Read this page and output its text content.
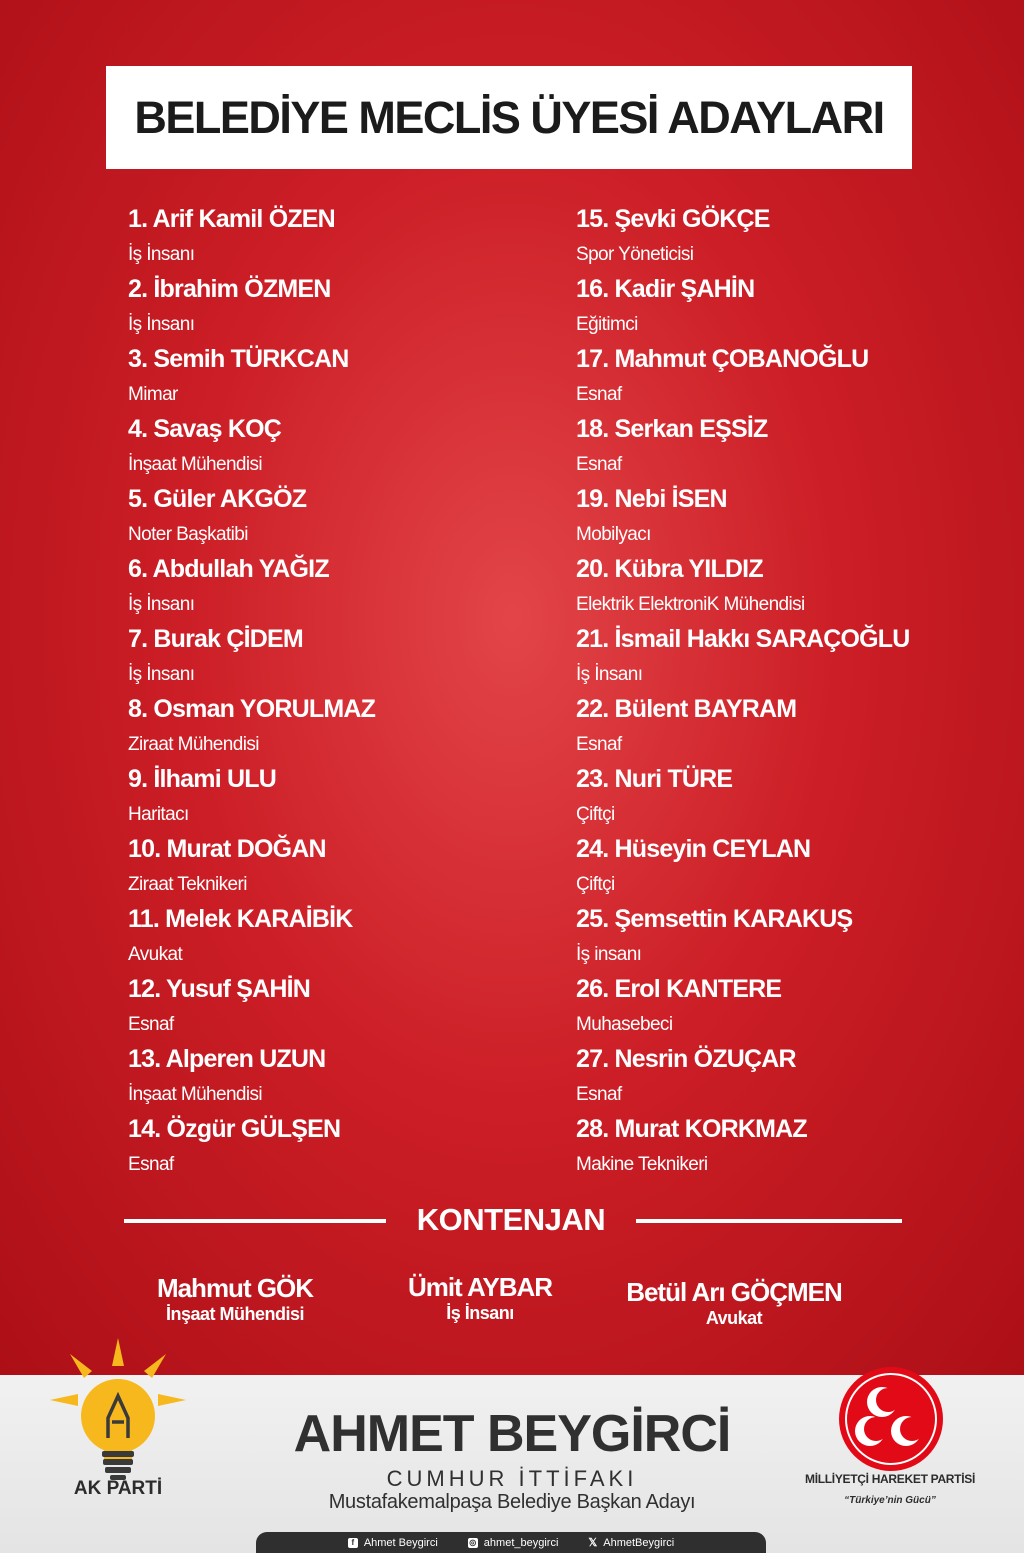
BELEDİYE MECLİS ÜYESİ ADAYLARI
1. Arif Kamil ÖZEN
İş İnsanı
2. İbrahim ÖZMEN
İş İnsanı
3. Semih TÜRKCAN
Mimar
4. Savaş KOÇ
İnşaat Mühendisi
5. Güler AKGÖZ
Noter Başkatibi
6. Abdullah YAĞIZ
İş İnsanı
7. Burak ÇİDEM
İş İnsanı
8. Osman YORULMAZ
Ziraat Mühendisi
9. İlhami ULU
Haritacı
10. Murat DOĞAN
Ziraat Teknikeri
11. Melek KARAİBİK
Avukat
12. Yusuf ŞAHİN
Esnaf
13. Alperen UZUN
İnşaat Mühendisi
14. Özgür GÜLŞEN
Esnaf
15. Şevki GÖKÇE
Spor Yöneticisi
16. Kadir ŞAHİN
Eğitimci
17. Mahmut ÇOBANOĞLU
Esnaf
18. Serkan EŞSİZ
Esnaf
19. Nebi İSEN
Mobilyacı
20. Kübra YILDIZ
Elektrik ElektroniK Mühendisi
21. İsmail Hakkı SARAÇOĞLU
İş İnsanı
22. Bülent BAYRAM
Esnaf
23. Nuri TÜRE
Çiftçi
24. Hüseyin CEYLAN
Çiftçi
25. Şemsettin KARAKUŞ
İş insanı
26. Erol KANTERE
Muhasebeci
27. Nesrin ÖZUÇAR
Esnaf
28. Murat KORKMAZ
Makine Teknikeri
KONTENJAN
Mahmut GÖK
İnşaat Mühendisi
Ümit AYBAR
İş İnsanı
Betül Arı GÖÇMEN
Avukat
AK PARTİ
AHMET BEYGİRCİ
CUMHUR İTTİFAKI
Mustafakemalpaşa Belediye Başkan Adayı
MİLLİYETÇİ HAREKET PARTİSİ
“Türkiye’nin Gücü”
f Ahmet Beygirci	◎ ahmet_beygirci	𝕏 AhmetBeygirci
